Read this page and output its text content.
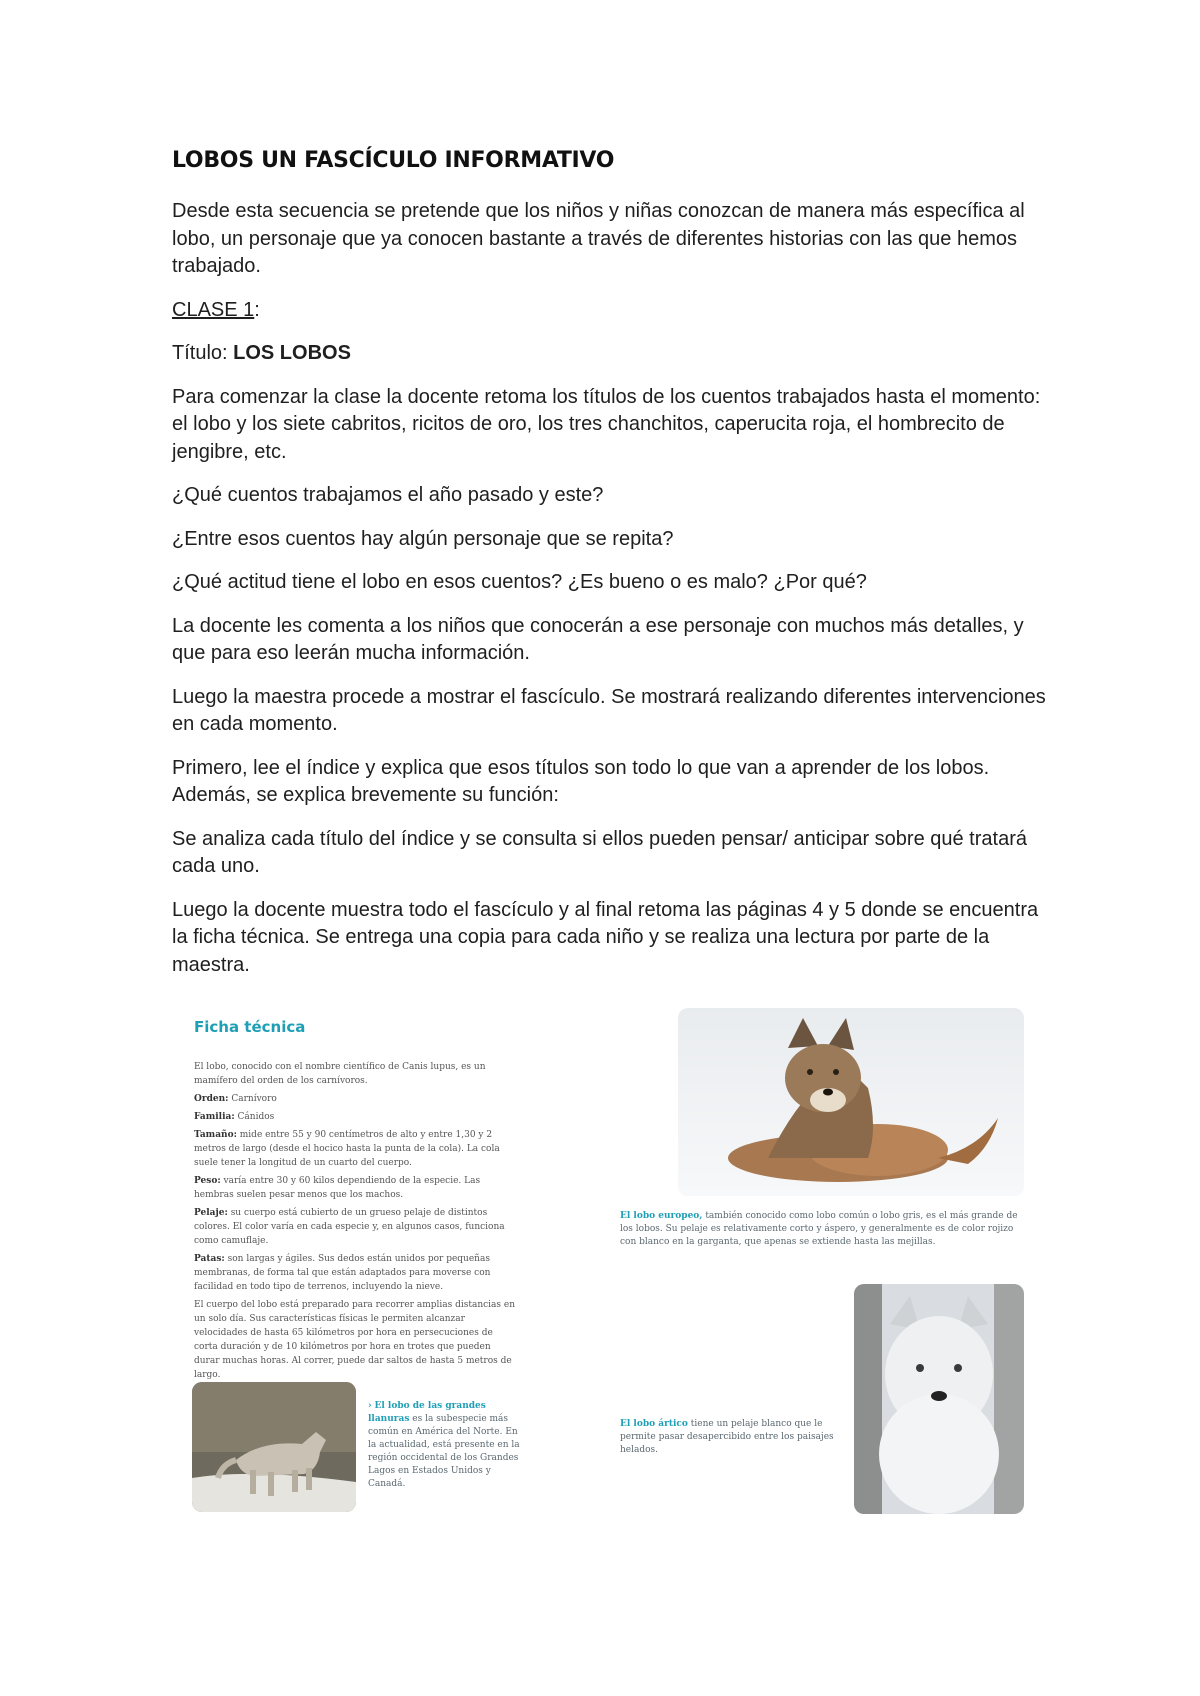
LOBOS UN FASCÍCULO INFORMATIVO

Desde esta secuencia se pretende que los niños y niñas conozcan de manera más específica al lobo, un personaje que ya conocen bastante a través de diferentes historias con las que hemos trabajado.

CLASE 1:

Título: LOS LOBOS

Para comenzar la clase la docente retoma los títulos de los cuentos trabajados hasta el momento: el lobo y los siete cabritos, ricitos de oro, los tres chanchitos, caperucita roja, el hombrecito de jengibre, etc.

¿Qué cuentos trabajamos el año pasado y este?

¿Entre esos cuentos hay algún personaje que se repita?

¿Qué actitud tiene el lobo en esos cuentos? ¿Es bueno o es malo? ¿Por qué?

La docente les comenta a los niños que conocerán a ese personaje con muchos más detalles, y que para eso leerán mucha información.

Luego la maestra procede a mostrar el fascículo. Se mostrará realizando diferentes intervenciones en cada momento.

Primero, lee el índice y explica que esos títulos son todo lo que van a aprender de los lobos. Además, se explica brevemente su función:

Se analiza cada título del índice y se consulta si ellos pueden pensar/ anticipar sobre qué tratará cada uno.

Luego la docente muestra todo el fascículo y al final retoma las páginas 4 y 5 donde se encuentra la ficha técnica. Se entrega una copia para cada niño y se realiza una lectura por parte de la maestra.

Ficha técnica
El lobo, conocido con el nombre científico de Canis lupus, es un mamífero del orden de los carnívoros.
Orden: Carnívoro
Familia: Cánidos
Tamaño: mide entre 55 y 90 centímetros de alto y entre 1,30 y 2 metros de largo (desde el hocico hasta la punta de la cola). La cola suele tener la longitud de un cuarto del cuerpo.
Peso: varía entre 30 y 60 kilos dependiendo de la especie. Las hembras suelen pesar menos que los machos.
Pelaje: su cuerpo está cubierto de un grueso pelaje de distintos colores. El color varía en cada especie y, en algunos casos, funciona como camuflaje.
Patas: son largas y ágiles. Sus dedos están unidos por pequeñas membranas, de forma tal que están adaptados para moverse con facilidad en todo tipo de terrenos, incluyendo la nieve.
El cuerpo del lobo está preparado para recorrer amplias distancias en un solo día. Sus características físicas le permiten alcanzar velocidades de hasta 65 kilómetros por hora en persecuciones de corta duración y de 10 kilómetros por hora en trotes que pueden durar muchas horas. Al correr, puede dar saltos de hasta 5 metros de largo.
El lobo europeo, también conocido como lobo común o lobo gris, es el más grande de los lobos. Su pelaje es relativamente corto y áspero, y generalmente es de color rojizo con blanco en la garganta, que apenas se extiende hasta las mejillas.
› El lobo de las grandes llanuras es la subespecie más común en América del Norte. En la actualidad, está presente en la región occidental de los Grandes Lagos en Estados Unidos y Canadá.
El lobo ártico tiene un pelaje blanco que le permite pasar desapercibido entre los paisajes helados.
